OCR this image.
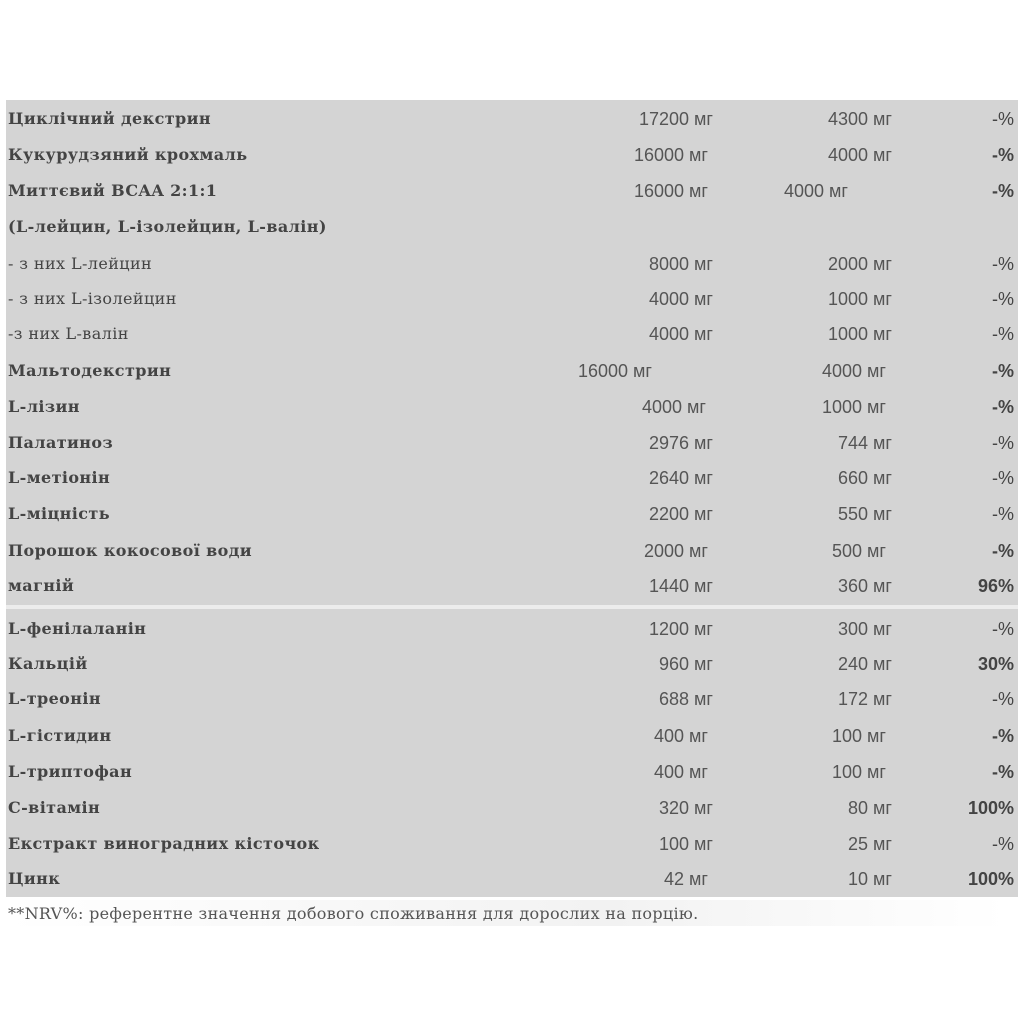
Циклічний декстрин	17200 мг	4300 мг	-%
Кукурудзяний крохмаль	16000 мг	4000 мг	-%
Миттєвий BCAA 2:1:1	16000 мг	4000 мг	-%
(L-лейцин, L-ізолейцин, L-валін)
- з них L-лейцин	8000 мг	2000 мг	-%
- з них L-ізолейцин	4000 мг	1000 мг	-%
-з них L-валін	4000 мг	1000 мг	-%
Мальтодекстрин	16000 мг	4000 мг	-%
L-лізин	4000 мг	1000 мг	-%
Палатиноз	2976 мг	744 мг	-%
L-метіонін	2640 мг	660 мг	-%
L-міцність	2200 мг	550 мг	-%
Порошок кокосової води	2000 мг	500 мг	-%
магній	1440 мг	360 мг	96%
L-фенілаланін	1200 мг	300 мг	-%
Кальцій	960 мг	240 мг	30%
L-треонін	688 мг	172 мг	-%
L-гістидин	400 мг	100 мг	-%
L-триптофан	400 мг	100 мг	-%
C-вітамін	320 мг	80 мг	100%
Екстракт виноградних кісточок	100 мг	25 мг	-%
Цинк	42 мг	10 мг	100%
**NRV%: референтне значення добового споживання для дорослих на порцію.
